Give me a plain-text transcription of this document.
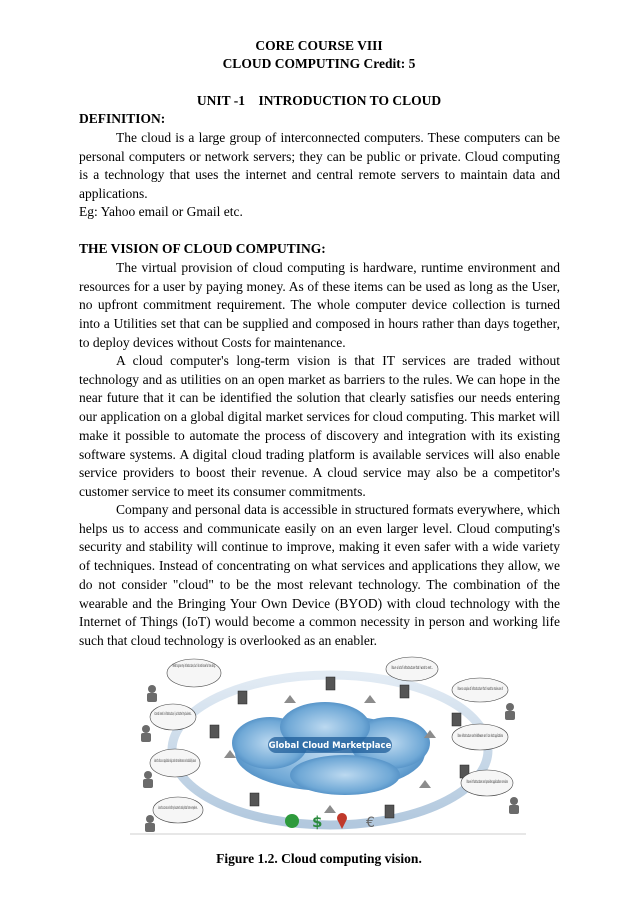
CORE COURSE VIII
CLOUD COMPUTING Credit: 5
UNIT -1    INTRODUCTION TO CLOUD
DEFINITION:

The cloud is a large group of interconnected computers. These computers can be personal computers or network servers; they can be public or private. Cloud computing is a technology that uses the internet and central remote servers to maintain data and applications.

Eg: Yahoo email or Gmail etc.
THE VISION OF CLOUD COMPUTING:

The virtual provision of cloud computing is hardware, runtime environment and resources for a user by paying money. As of these items can be used as long as the User, no upfront commitment requirement. The whole computer device collection is turned into a Utilities set that can be supplied and composed in hours rather than days together, to deploy devices without Costs for maintenance.

A cloud computer's long-term vision is that IT services are traded without technology and as utilities on an open market as barriers to the rules. We can hope in the near future that it can be identified the solution that clearly satisfies our needs entering our application on a global digital market services for cloud computing. This market will make it possible to automate the process of discovery and integration with its existing software systems. A digital cloud trading platform is available services will also enable service providers to boost their revenue. A cloud service may also be a competitor's customer service to meet its consumer commitments.

Company and personal data is accessible in structured formats everywhere, which helps us to access and communicate easily on an even larger level. Cloud computing's security and stability will continue to improve, making it even safer with a wide variety of techniques. Instead of concentrating on what services and applications they allow, we do not consider "cloud" to be the most relevant technology. The combination of the wearable and the Bringing Your Own Device (BYOD) with cloud technology with the Internet of Things (IoT) would become a common necessity in person and working life such that cloud technology is overlooked as an enabler.

Global Cloud Marketplace
I need to grow my infrastructure, but I do not know for how long...
I cannot invest in infrastructure, I just started my business...
I want to focus on application logic and not maintenance and scalability issues
I want to access and edit my documents and photos from everywhere...
I have a lot of infrastructure that I want to rent...
I have a surplus of infrastructure that I want to make use of
I have infrastructure and middleware and I can host applications
I have infrastructure and provide application services
$	€
Figure 1.2. Cloud computing vision.
